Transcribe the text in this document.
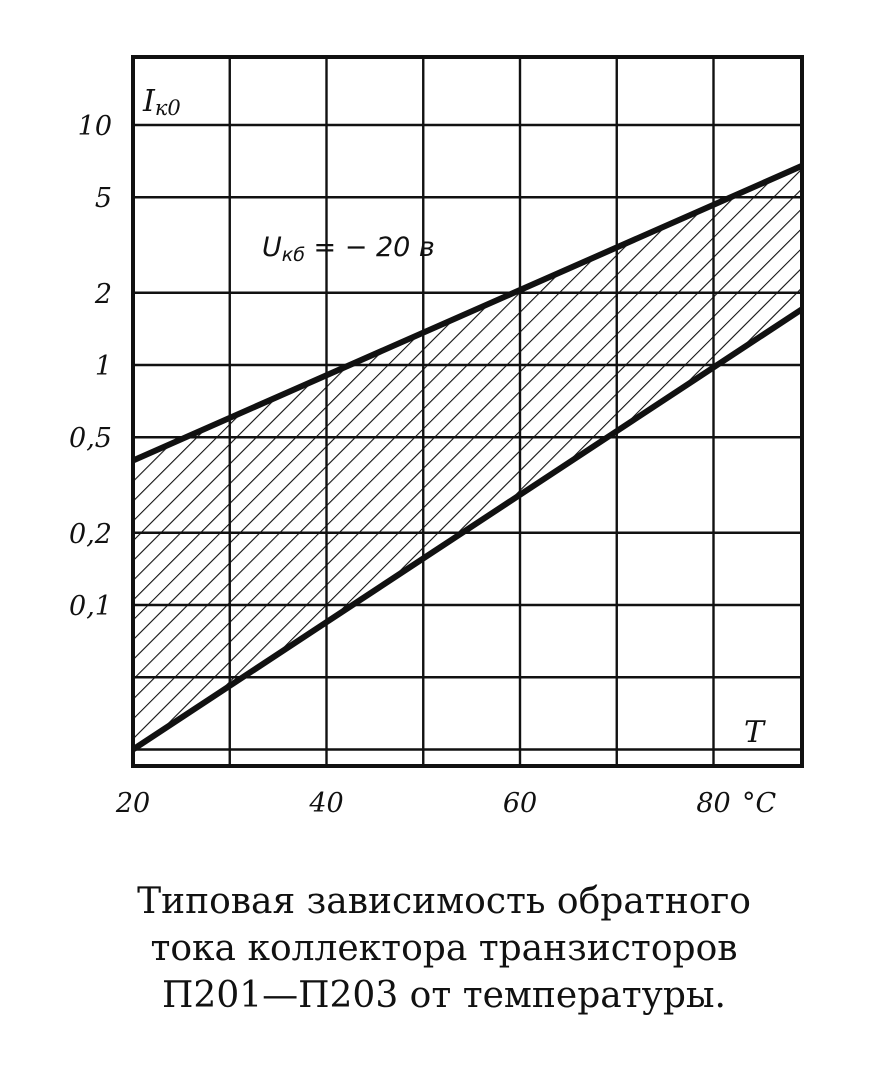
20	40	60	80
0,1
0,2
0,5
1
2
5
10
Iк0
T
°C
Uкб = − 20 в
Типовая зависимость обратного
тока коллектора транзисторов
П201—П203 от температуры.
